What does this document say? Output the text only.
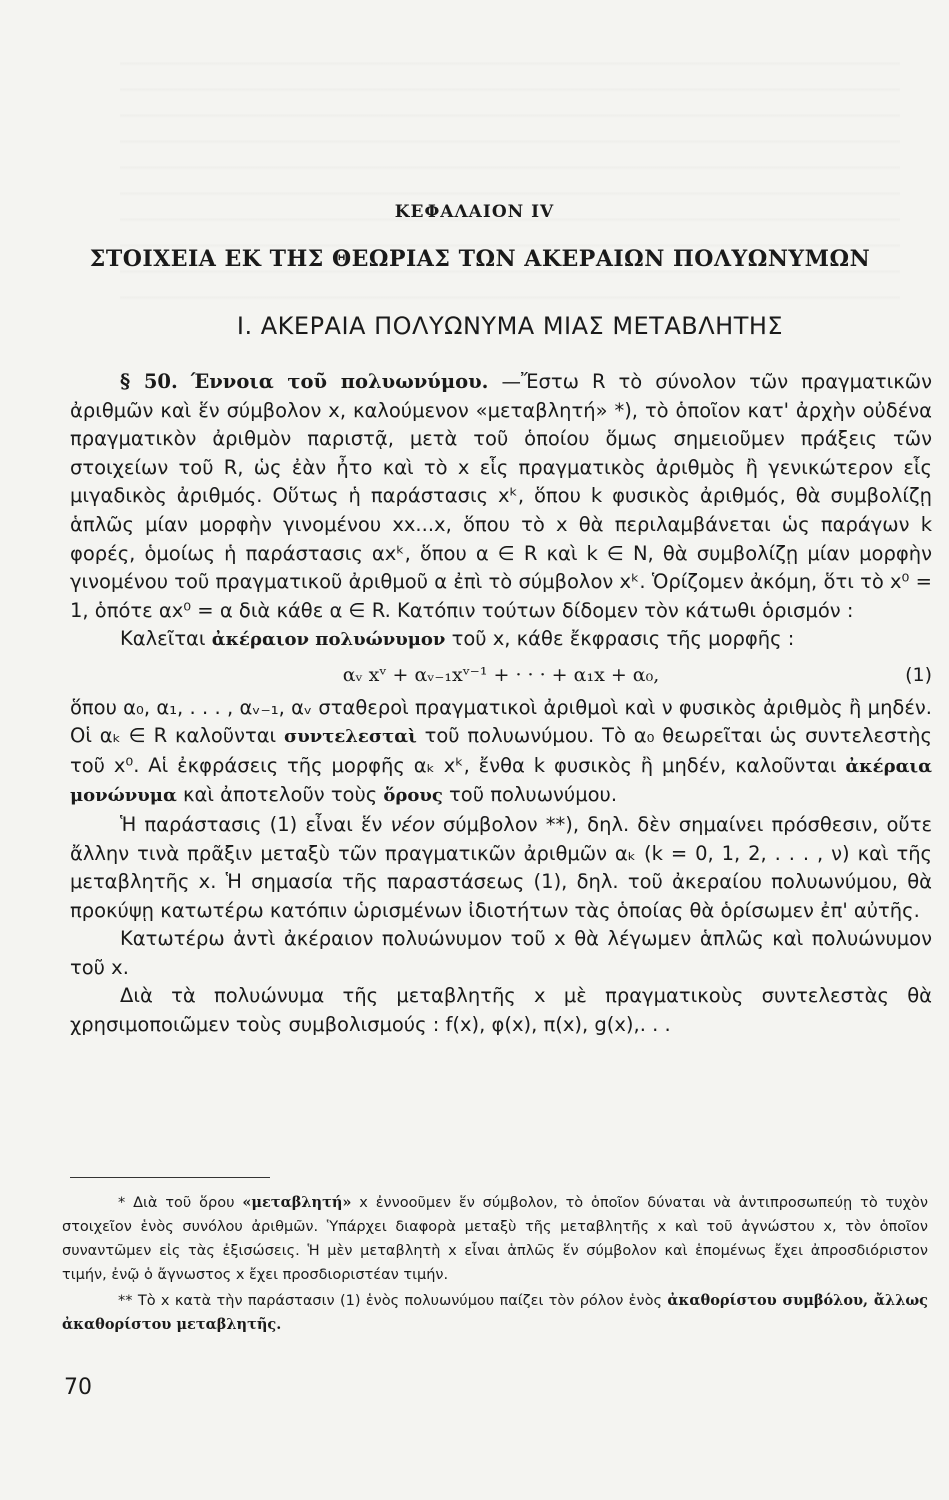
ΚΕΦΑΛΑΙΟΝ IV
ΣΤΟΙΧΕΙΑ ΕΚ ΤΗΣ ΘΕΩΡΙΑΣ ΤΩΝ ΑΚΕΡΑΙΩΝ ΠΟΛΥΩΝΥΜΩΝ
Ι. ΑΚΕΡΑΙΑ ΠΟΛΥΩΝΥΜΑ ΜΙΑΣ ΜΕΤΑΒΛΗΤΗΣ

§ 50. Έννοια τοῦ πολυωνύμου. —Ἔστω R τὸ σύνολον τῶν πραγματικῶν ἀριθμῶν καὶ ἕν σύμβολον x, καλούμενον «μεταβλητή» *), τὸ ὁποῖον κατ' ἀρχὴν οὐδένα πραγματικὸν ἀριθμὸν παριστᾷ, μετὰ τοῦ ὁποίου ὅμως σημειοῦμεν πράξεις τῶν στοιχείων τοῦ R, ὡς ἐὰν ἦτο καὶ τὸ x εἷς πραγματικὸς ἀριθμὸς ἢ γενικώτερον εἷς μιγαδικὸς ἀριθμός. Οὕτως ἡ παράστασις xᵏ, ὅπου k φυσικὸς ἀριθμός, θὰ συμβολίζῃ ἁπλῶς μίαν μορφὴν γινομένου xx...x, ὅπου τὸ x θὰ περιλαμβάνεται ὡς παράγων k φορές, ὁμοίως ἡ παράστασις αxᵏ, ὅπου α ∈ R καὶ k ∈ N, θὰ συμβολίζῃ μίαν μορφὴν γινομένου τοῦ πραγματικοῦ ἀριθμοῦ α ἐπὶ τὸ σύμβολον xᵏ. Ὁρίζομεν ἀκόμη, ὅτι τὸ x⁰ = 1, ὁπότε αx⁰ = α διὰ κάθε α ∈ R. Κατόπιν τούτων δίδομεν τὸν κάτωθι ὁρισμόν :

Καλεῖται ἀκέραιον πολυώνυμον τοῦ x, κάθε ἔκφρασις τῆς μορφῆς :

αᵥ xᵛ + αᵥ₋₁xᵛ⁻¹ + · · · + α₁x + α₀,	(1)

ὅπου α₀, α₁, . . . , αᵥ₋₁, αᵥ σταθεροὶ πραγματικοὶ ἀριθμοὶ καὶ ν φυσικὸς ἀριθμὸς ἢ μηδέν. Οἱ αₖ ∈ R καλοῦνται συντελεσταὶ τοῦ πολυωνύμου. Τὸ α₀ θεωρεῖται ὡς συντελεστὴς τοῦ x⁰. Αἱ ἐκφράσεις τῆς μορφῆς αₖ xᵏ, ἔνθα k φυσικὸς ἢ μηδέν, καλοῦνται ἀκέραια μονώνυμα καὶ ἀποτελοῦν τοὺς ὅρους τοῦ πολυωνύμου.

Ἡ παράστασις (1) εἶναι ἕν νέον σύμβολον **), δηλ. δὲν σημαίνει πρόσθεσιν, οὔτε ἄλλην τινὰ πρᾶξιν μεταξὺ τῶν πραγματικῶν ἀριθμῶν αₖ (k = 0, 1, 2, . . . , ν) καὶ τῆς μεταβλητῆς x. Ἡ σημασία τῆς παραστάσεως (1), δηλ. τοῦ ἀκεραίου πολυωνύμου, θὰ προκύψῃ κατωτέρω κατόπιν ὡρισμένων ἰδιοτήτων τὰς ὁποίας θὰ ὁρίσωμεν ἐπ' αὐτῆς.

Κατωτέρω ἀντὶ ἀκέραιον πολυώνυμον τοῦ x θὰ λέγωμεν ἁπλῶς καὶ πολυώνυμον τοῦ x.

Διὰ τὰ πολυώνυμα τῆς μεταβλητῆς x μὲ πραγματικοὺς συντελεστὰς θὰ χρησιμοποιῶμεν τοὺς συμβολισμούς : f(x), φ(x), π(x), g(x),. . .

* Διὰ τοῦ ὅρου «μεταβλητή» x ἐννοοῦμεν ἕν σύμβολον, τὸ ὁποῖον δύναται νὰ ἀντιπροσωπεύῃ τὸ τυχὸν στοιχεῖον ἑνὸς συνόλου ἀριθμῶν. Ὑπάρχει διαφορὰ μεταξὺ τῆς μεταβλητῆς x καὶ τοῦ ἀγνώστου x, τὸν ὁποῖον συναντῶμεν εἰς τὰς ἐξισώσεις. Ἡ μὲν μεταβλητὴ x εἶναι ἁπλῶς ἕν σύμβολον καὶ ἑπομένως ἔχει ἀπροσδιόριστον τιμήν, ἐνῷ ὁ ἄγνωστος x ἔχει προσδιοριστέαν τιμήν.

** Τὸ x κατὰ τὴν παράστασιν (1) ἑνὸς πολυωνύμου παίζει τὸν ρόλον ἑνὸς ἀκαθορίστου συμβόλου, ἄλλως ἀκαθορίστου μεταβλητῆς.

70
